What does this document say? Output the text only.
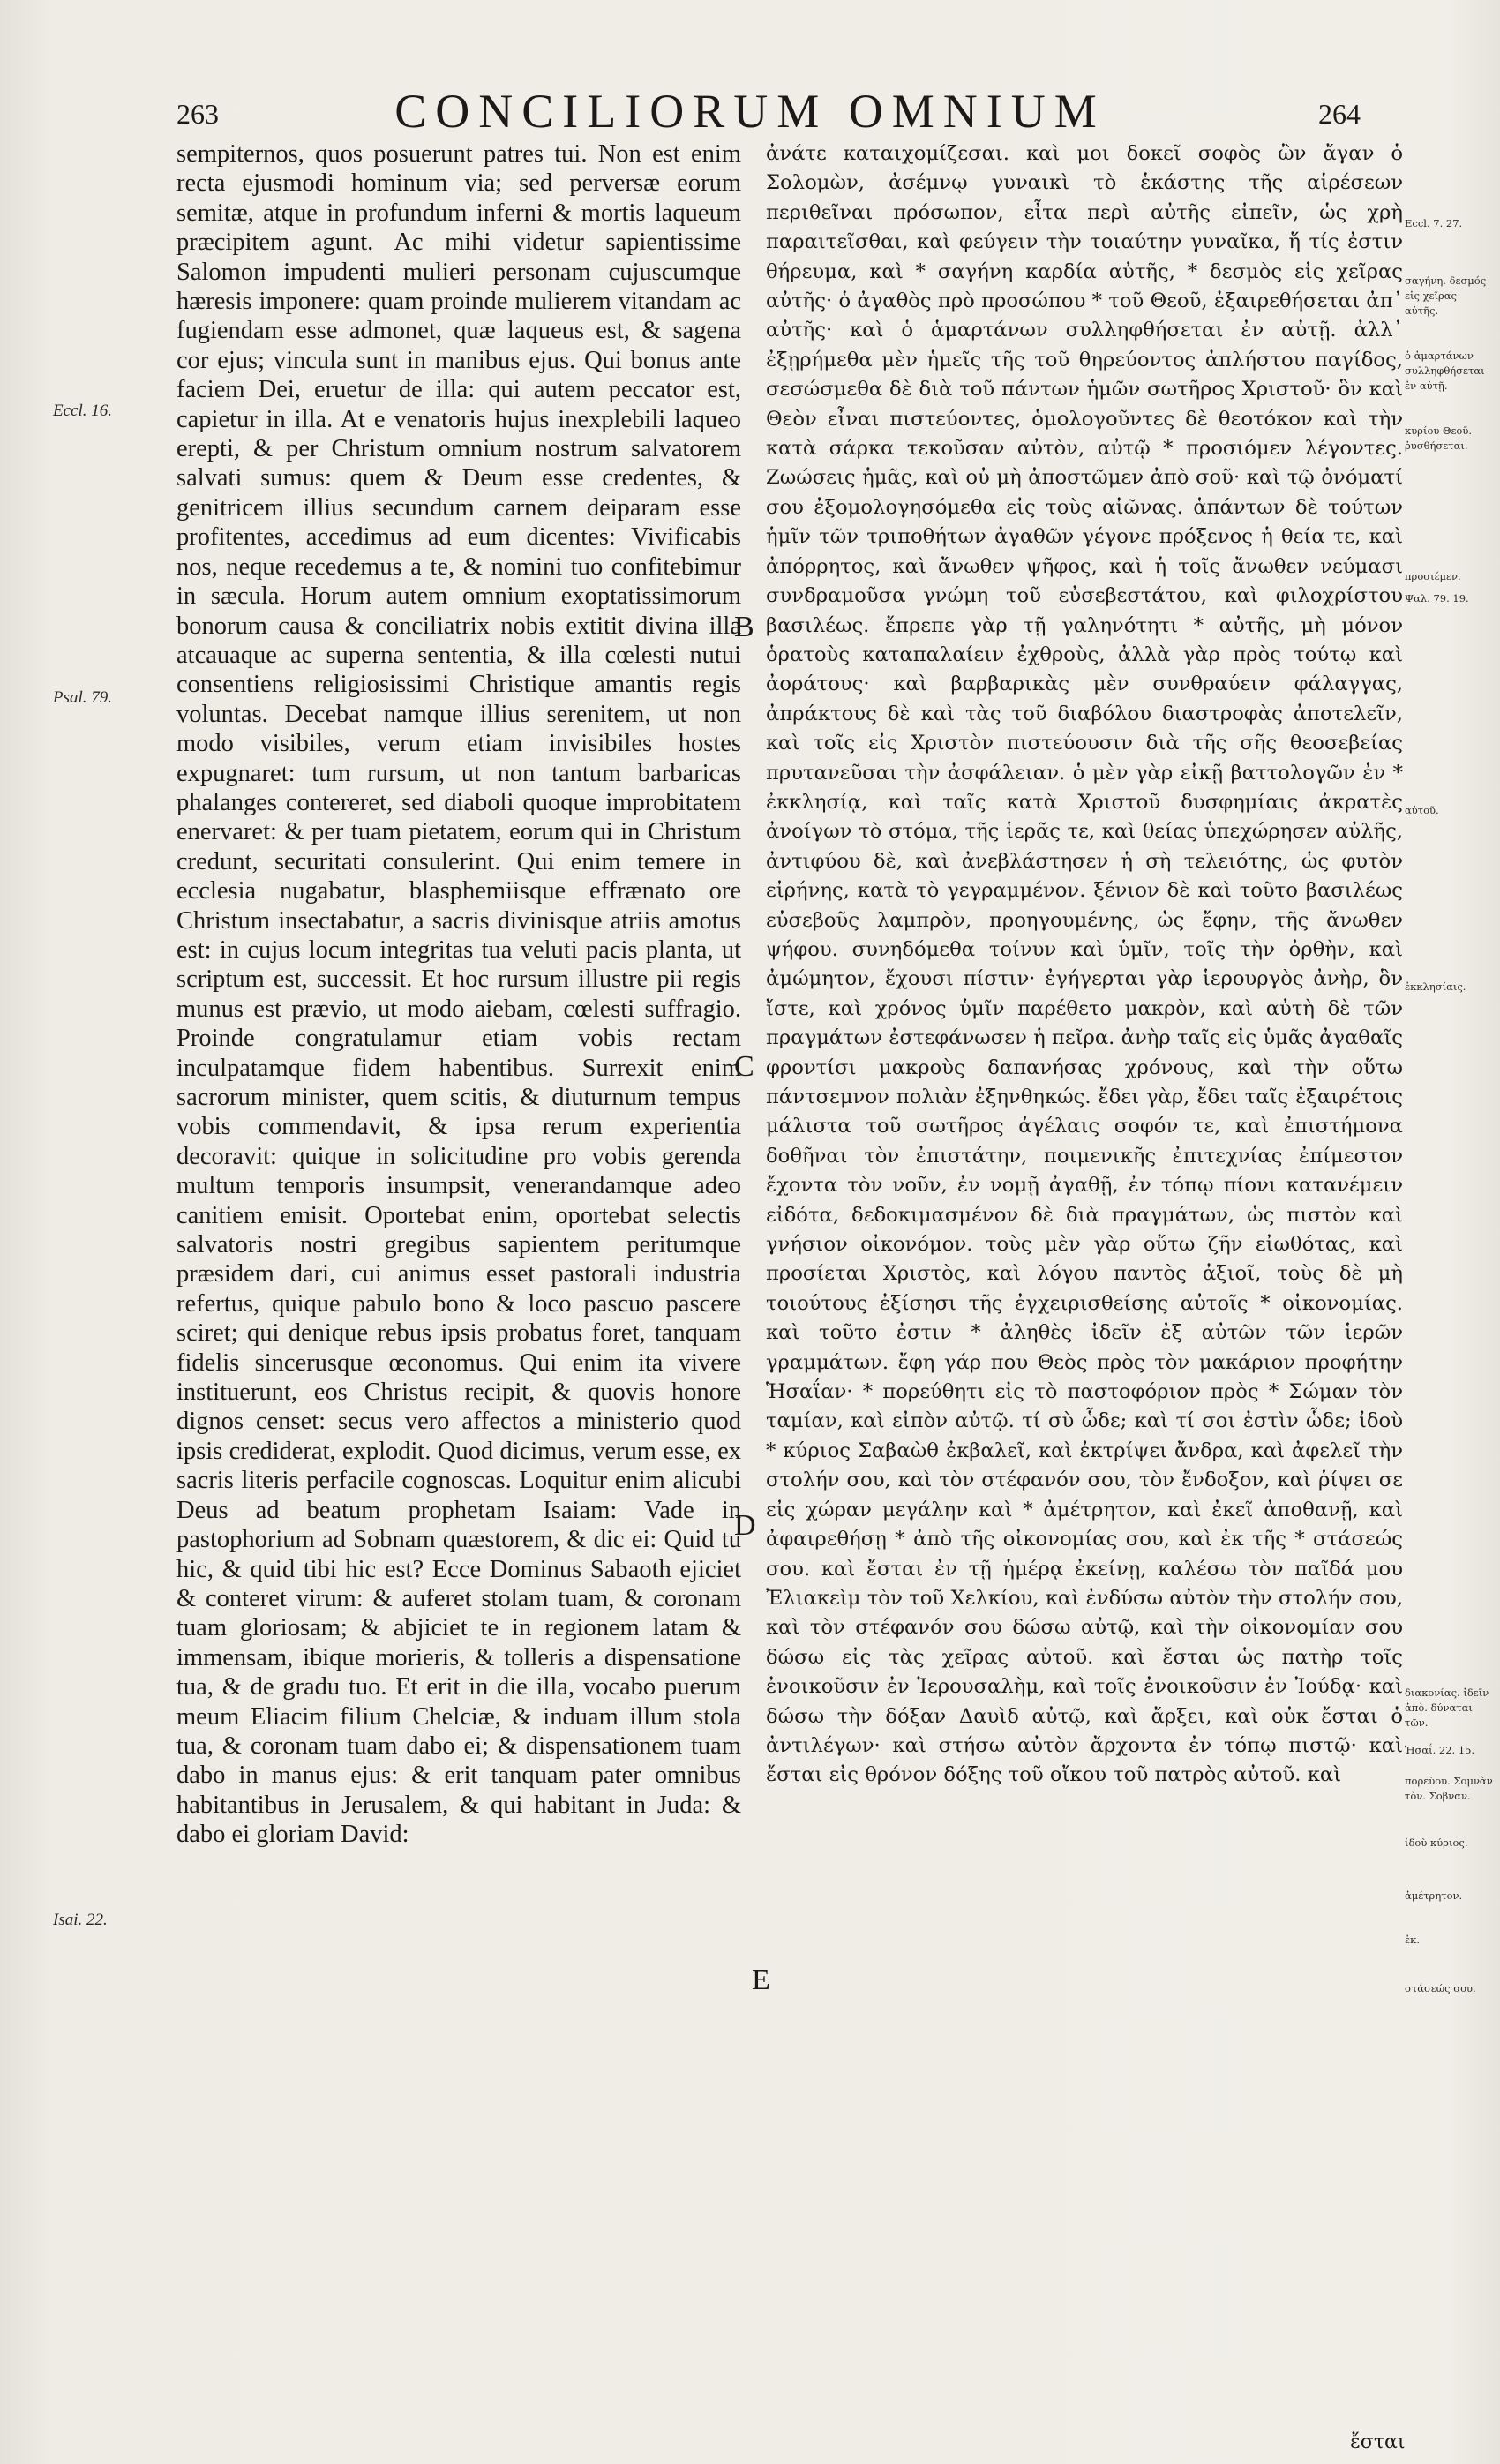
263	CONCILIORUM OMNIUM	264

sempiternos, quos posuerunt patres tui. Non est enim recta ejusmodi hominum via; sed perversæ eorum semitæ, atque in profundum inferni & mortis laqueum præcipitem agunt. Ac mihi videtur sapientissime Salomon impudenti mulieri personam cujuscumque hæresis imponere: quam proinde mulierem vitandam ac fugiendam esse admonet, quæ laqueus est, & sagena cor ejus; vincula sunt in manibus ejus. Qui bonus ante faciem Dei, eruetur de illa: qui autem peccator est, capietur in illa. At e venatoris hujus inexplebili laqueo erepti, & per Christum omnium nostrum salvatorem salvati sumus: quem & Deum esse credentes, & genitricem illius secundum carnem deiparam esse profitentes, accedimus ad eum dicentes: Vivificabis nos, neque recedemus a te, & nomini tuo confitebimur in sæcula. Horum autem omnium exoptatissimorum bonorum causa & conciliatrix nobis extitit divina illa atcauaque ac superna sententia, & illa cœlesti nutui consentiens religiosissimi Christique amantis regis voluntas. Decebat namque illius serenitem, ut non modo visibiles, verum etiam invisibiles hostes expugnaret: tum rursum, ut non tantum barbaricas phalanges contereret, sed diaboli quoque improbitatem enervaret: & per tuam pietatem, eorum qui in Christum credunt, securitati consulerint. Qui enim temere in ecclesia nugabatur, blasphemiisque effrænato ore Christum insectabatur, a sacris divinisque atriis amotus est: in cujus locum integritas tua veluti pacis planta, ut scriptum est, successit. Et hoc rursum illustre pii regis munus est prævio, ut modo aiebam, cœlesti suffragio. Proinde congratulamur etiam vobis rectam inculpatamque fidem habentibus. Surrexit enim sacrorum minister, quem scitis, & diuturnum tempus vobis commendavit, & ipsa rerum experientia decoravit: quique in solicitudine pro vobis gerenda multum temporis insumpsit, venerandamque adeo canitiem emisit. Oportebat enim, oportebat selectis salvatoris nostri gregibus sapientem peritumque præsidem dari, cui animus esset pastorali industria refertus, quique pabulo bono & loco pascuo pascere sciret; qui denique rebus ipsis probatus foret, tanquam fidelis sincerusque œconomus. Qui enim ita vivere instituerunt, eos Christus recipit, & quovis honore dignos censet: secus vero affectos a ministerio quod ipsis crediderat, explodit. Quod dicimus, verum esse, ex sacris literis perfacile cognoscas. Loquitur enim alicubi Deus ad beatum prophetam Isaiam: Vade in pastophorium ad Sobnam quæstorem, & dic ei: Quid tu hic, & quid tibi hic est? Ecce Dominus Sabaoth ejiciet & conteret virum: & auferet stolam tuam, & coronam tuam gloriosam; & abjiciet te in regionem latam & immensam, ibique morieris, & tolleris a dispensatione tua, & de gradu tuo. Et erit in die illa, vocabo puerum meum Eliacim filium Chelciæ, & induam illum stola tua, & coronam tuam dabo ei; & dispensationem tuam dabo in manus ejus: & erit tanquam pater omnibus habitantibus in Jerusalem, & qui habitant in Juda: & dabo ei gloriam David:

ἀνάτε καταιχομίζεσαι. καὶ μοι δοκεῖ σοφὸς ὢν ἄγαν ὁ Σολομὼν, ἀσέμνῳ γυναικὶ τὸ ἑκάστης τῆς αἱρέσεων περιθεῖναι πρόσωπον, εἶτα περὶ αὐτῆς εἰπεῖν, ὡς χρὴ παραιτεῖσθαι, καὶ φεύγειν τὴν τοιαύτην γυναῖκα, ἥ τίς ἐστιν θήρευμα, καὶ * σαγήνη καρδία αὐτῆς, * δεσμὸς εἰς χεῖρας αὐτῆς· ὁ ἀγαθὸς πρὸ προσώπου * τοῦ Θεοῦ, ἐξαιρεθήσεται ἀπ᾽ αὐτῆς· καὶ ὁ ἁμαρτάνων συλληφθήσεται ἐν αὐτῇ. ἀλλ᾽ ἐξῃρήμεθα μὲν ἡμεῖς τῆς τοῦ θηρεύοντος ἀπλήστου παγίδος, σεσώσμεθα δὲ διὰ τοῦ πάντων ἡμῶν σωτῆρος Χριστοῦ· ὃν καὶ Θεὸν εἶναι πιστεύοντες, ὁμολογοῦντες δὲ θεοτόκον καὶ τὴν κατὰ σάρκα τεκοῦσαν αὐτὸν, αὐτῷ * προσιόμεν λέγοντες. Ζωώσεις ἡμᾶς, καὶ οὐ μὴ ἀποστῶμεν ἀπὸ σοῦ· καὶ τῷ ὀνόματί σου ἐξομολογησόμεθα εἰς τοὺς αἰῶνας. ἁπάντων δὲ τούτων ἡμῖν τῶν τριποθήτων ἀγαθῶν γέγονε πρόξενος ἡ θεία τε, καὶ ἀπόρρητος, καὶ ἄνωθεν ψῆφος, καὶ ἡ τοῖς ἄνωθεν νεύμασι συνδραμοῦσα γνώμη τοῦ εὐσεβεστάτου, καὶ φιλοχρίστου βασιλέως. ἔπρεπε γὰρ τῇ γαληνότητι * αὐτῆς, μὴ μόνον ὁρατοὺς καταπαλαίειν ἐχθροὺς, ἀλλὰ γὰρ πρὸς τούτῳ καὶ ἀοράτους· καὶ βαρβαρικὰς μὲν συνθραύειν φάλαγγας, ἀπράκτους δὲ καὶ τὰς τοῦ διαβόλου διαστροφὰς ἀποτελεῖν, καὶ τοῖς εἰς Χριστὸν πιστεύουσιν διὰ τῆς σῆς θεοσεβείας πρυτανεῦσαι τὴν ἀσφάλειαν. ὁ μὲν γὰρ εἰκῇ βαττολογῶν ἐν * ἐκκλησίᾳ, καὶ ταῖς κατὰ Χριστοῦ δυσφημίαις ἀκρατὲς ἀνοίγων τὸ στόμα, τῆς ἱερᾶς τε, καὶ θείας ὑπεχώρησεν αὐλῆς, ἀντιφύου δὲ, καὶ ἀνεβλάστησεν ἡ σὴ τελειότης, ὡς φυτὸν εἰρήνης, κατὰ τὸ γεγραμμένον. ξένιον δὲ καὶ τοῦτο βασιλέως εὐσεβοῦς λαμπρὸν, προηγουμένης, ὡς ἔφην, τῆς ἄνωθεν ψήφου. συνηδόμεθα τοίνυν καὶ ὑμῖν, τοῖς τὴν ὀρθὴν, καὶ ἀμώμητον, ἔχουσι πίστιν· ἐγήγερται γὰρ ἱερουργὸς ἀνὴρ, ὃν ἴστε, καὶ χρόνος ὑμῖν παρέθετο μακρὸν, καὶ αὐτὴ δὲ τῶν πραγμάτων ἐστεφάνωσεν ἡ πεῖρα. ἀνὴρ ταῖς εἰς ὑμᾶς ἀγαθαῖς φροντίσι μακροὺς δαπανήσας χρόνους, καὶ τὴν οὕτω πάντσεμνον πολιὰν ἐξηνθηκώς. ἔδει γὰρ, ἔδει ταῖς ἐξαιρέτοις μάλιστα τοῦ σωτῆρος ἀγέλαις σοφόν τε, καὶ ἐπιστήμονα δοθῆναι τὸν ἐπιστάτην, ποιμενικῆς ἐπιτεχνίας ἐπίμεστον ἔχοντα τὸν νοῦν, ἐν νομῇ ἀγαθῇ, ἐν τόπῳ πίονι κατανέμειν εἰδότα, δεδοκιμασμένον δὲ διὰ πραγμάτων, ὡς πιστὸν καὶ γνήσιον οἰκονόμον. τοὺς μὲν γὰρ οὕτω ζῆν εἰωθότας, καὶ προσίεται Χριστὸς, καὶ λόγου παντὸς ἀξιοῖ, τοὺς δὲ μὴ τοιούτους ἐξίσησι τῆς ἐγχειρισθείσης αὐτοῖς * οἰκονομίας. καὶ τοῦτο ἐστιν * ἀληθὲς ἰδεῖν ἐξ αὐτῶν τῶν ἱερῶν γραμμάτων. ἔφη γάρ που Θεὸς πρὸς τὸν μακάριον προφήτην Ἡσαΐαν· * πορεύθητι εἰς τὸ παστοφόριον πρὸς * Σώμαν τὸν ταμίαν, καὶ εἰπὸν αὐτῷ. τί σὺ ὧδε; καὶ τί σοι ἐστὶν ὧδε; ἰδοὺ * κύριος Σαβαὼθ ἐκβαλεῖ, καὶ ἐκτρίψει ἄνδρα, καὶ ἀφελεῖ τὴν στολήν σου, καὶ τὸν στέφανόν σου, τὸν ἔνδοξον, καὶ ῥίψει σε εἰς χώραν μεγάλην καὶ * ἀμέτρητον, καὶ ἐκεῖ ἀποθανῇ, καὶ ἀφαιρεθήσῃ * ἀπὸ τῆς οἰκονομίας σου, καὶ ἐκ τῆς * στάσεώς σου. καὶ ἔσται ἐν τῇ ἡμέρᾳ ἐκείνῃ, καλέσω τὸν παῖδά μου Ἐλιακεὶμ τὸν τοῦ Χελκίου, καὶ ἐνδύσω αὐτὸν τὴν στολήν σου, καὶ τὸν στέφανόν σου δώσω αὐτῷ, καὶ τὴν οἰκονομίαν σου δώσω εἰς τὰς χεῖρας αὐτοῦ. καὶ ἔσται ὡς πατὴρ τοῖς ἐνοικοῦσιν ἐν Ἱερουσαλὴμ, καὶ τοῖς ἐνοικοῦσιν ἐν Ἰούδᾳ· καὶ δώσω τὴν δόξαν Δαυὶδ αὐτῷ, καὶ ἄρξει, καὶ οὐκ ἔσται ὁ ἀντιλέγων· καὶ στήσω αὐτὸν ἄρχοντα ἐν τόπῳ πιστῷ· καὶ ἔσται εἰς θρόνον δόξης τοῦ οἴκου τοῦ πατρὸς αὐτοῦ. καὶ

Eccl. 16.
Psal. 79.
Isai. 22.
B
C
D
E
Eccl. 7. 27.
σαγήνη. δεσμός εἰς χεῖρας αὐτῆς.
ὁ ἁμαρτάνων συλληφθήσεται ἐν αὐτῇ.
κυρίου Θεοῦ. ῥυσθήσεται.
προσιέμεν.
Ψαλ. 79. 19.
αὐτοῦ.
ἐκκλησίαις.
διακονίας. ἰδεῖν ἀπὸ. δύναται τῶν.
Ἠσαΐ. 22. 15.
πορεύου. Σομνὰν τὸν. Σοβναν.
ἰδοὺ κύριος.
ἀμέτρητον.
ἐκ.
στάσεώς σου.
ἔσται
